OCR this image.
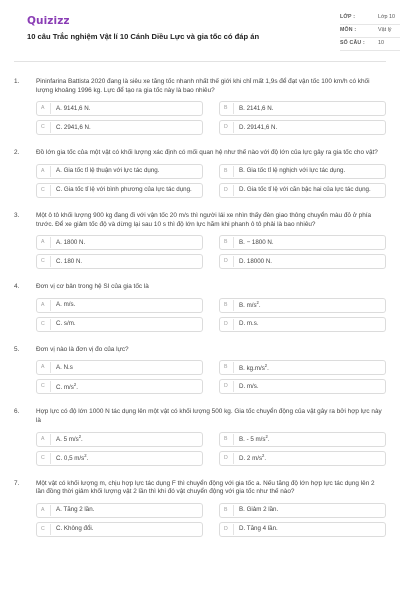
Quizizz
10 câu Trắc nghiệm Vật lí 10 Cánh Diều Lực và gia tốc có đáp án
LỚP :	Lớp 10
MÔN :	Vật lý
SỐ CÂU :	10
1.	Pininfarina Battista 2020 đang là siêu xe tăng tốc nhanh nhất thế giới khi chỉ mất 1,9s để đạt vận tốc 100 km/h có khối lượng khoảng 1996 kg. Lực để tạo ra gia tốc này là bao nhiêu?
A	A. 9141,6 N.	B	B. 2141,6 N.
C	C. 2941,6 N.	D	D. 29141,6 N.
2.	Đồ lớn gia tốc của một vật có khối lượng xác định có mối quan hệ như thế nào với độ lớn của lực gây ra gia tốc cho vật?
A	A. Gia tốc tỉ lệ thuận với lực tác dụng.	B	B. Gia tốc tỉ lệ nghịch với lực tác dụng.
C	C. Gia tốc tỉ lệ với bình phương của lực tác dụng.	D	D. Gia tốc tỉ lệ với căn bậc hai của lực tác dụng.
3.	Một ô tô khối lượng 900 kg đang đi với vận tốc 20 m/s thì người lái xe nhìn thấy đèn giao thông chuyển màu đỏ ở phía trước. Để xe giảm tốc độ và dừng lại sau 10 s thì độ lớn lực hãm khi phanh ô tô phải là bao nhiêu?
A	A. 1800 N.	B	B. − 1800 N.
C	C. 180 N.	D	D. 18000 N.
4.	Đơn vị cơ bản trong hệ SI của gia tốc là
A	A. m/s.	B	B. $m/s^2$.
C	C. s/m.	D	D. m.s.
5.	Đơn vị nào là đơn vị đo của lực?
A	A. N.s	B	B. $kg.m/s^2$.
C	C. $m/s^2$.	D	D. m/s.
6.	Hợp lực có độ lớn 1000 N tác dụng lên một vật có khối lượng 500 kg. Gia tốc chuyển động của vật gây ra bởi hợp lực này là
A	A. 5 $m/s^2$.	B	B. - 5 $m/s^2$.
C	C. 0,5 $m/s^2$.	D	D. 2 $m/s^2$.
7.	Một vật có khối lượng m, chịu hợp lực tác dụng F thì chuyển động với gia tốc a. Nếu tăng độ lớn hợp lực tác dụng lên 2 lần đồng thời giảm khối lượng vật 2 lần thì khi đó vật chuyển động với gia tốc như thế nào?
A	A. Tăng 2 lần.	B	B. Giảm 2 lần.
C	C. Không đổi.	D	D. Tăng 4 lần.
